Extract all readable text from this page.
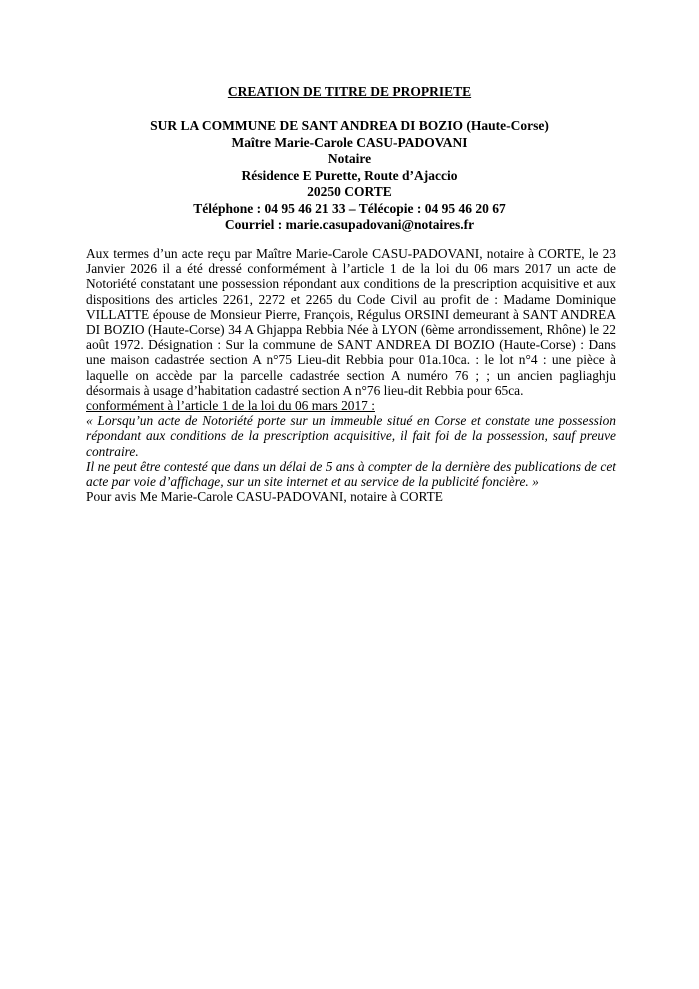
CREATION DE TITRE DE PROPRIETE
SUR LA COMMUNE DE SANT ANDREA DI BOZIO (Haute-Corse)
Maître Marie-Carole CASU-PADOVANI
Notaire
Résidence E Purette, Route d’Ajaccio
20250 CORTE
Téléphone : 04 95 46 21 33 – Télécopie : 04 95 46 20 67
Courriel : marie.casupadovani@notaires.fr

Aux termes d’un acte reçu par Maître Marie-Carole CASU-PADOVANI, notaire à CORTE, le 23 Janvier 2026 il a été dressé conformément à l’article 1 de la loi du 06 mars 2017 un acte de Notoriété constatant une possession répondant aux conditions de la prescription acquisitive et aux dispositions des articles 2261, 2272 et 2265 du Code Civil au profit de : Madame Dominique VILLATTE épouse de Monsieur Pierre, François, Régulus ORSINI demeurant à SANT ANDREA DI BOZIO (Haute-Corse) 34 A Ghjappa Rebbia Née à LYON (6ème arrondissement, Rhône) le 22 août 1972. Désignation : Sur la commune de SANT ANDREA DI BOZIO (Haute-Corse) : Dans une maison cadastrée section A n°75 Lieu-dit Rebbia pour 01a.10ca. : le lot n°4 : une pièce à laquelle on accède par la parcelle cadastrée section A numéro 76 ; ; un ancien pagliaghju désormais à usage d’habitation cadastré section A n°76 lieu-dit Rebbia pour 65ca.

conformément à l’article 1 de la loi du 06 mars 2017 :

« Lorsqu’un acte de Notoriété porte sur un immeuble situé en Corse et constate une possession répondant aux conditions de la prescription acquisitive, il fait foi de la possession, sauf preuve contraire.

Il ne peut être contesté que dans un délai de 5 ans à compter de la dernière des publications de cet acte par voie d’affichage, sur un site internet et au service de la publicité foncière. »

Pour avis Me Marie-Carole CASU-PADOVANI, notaire à CORTE
